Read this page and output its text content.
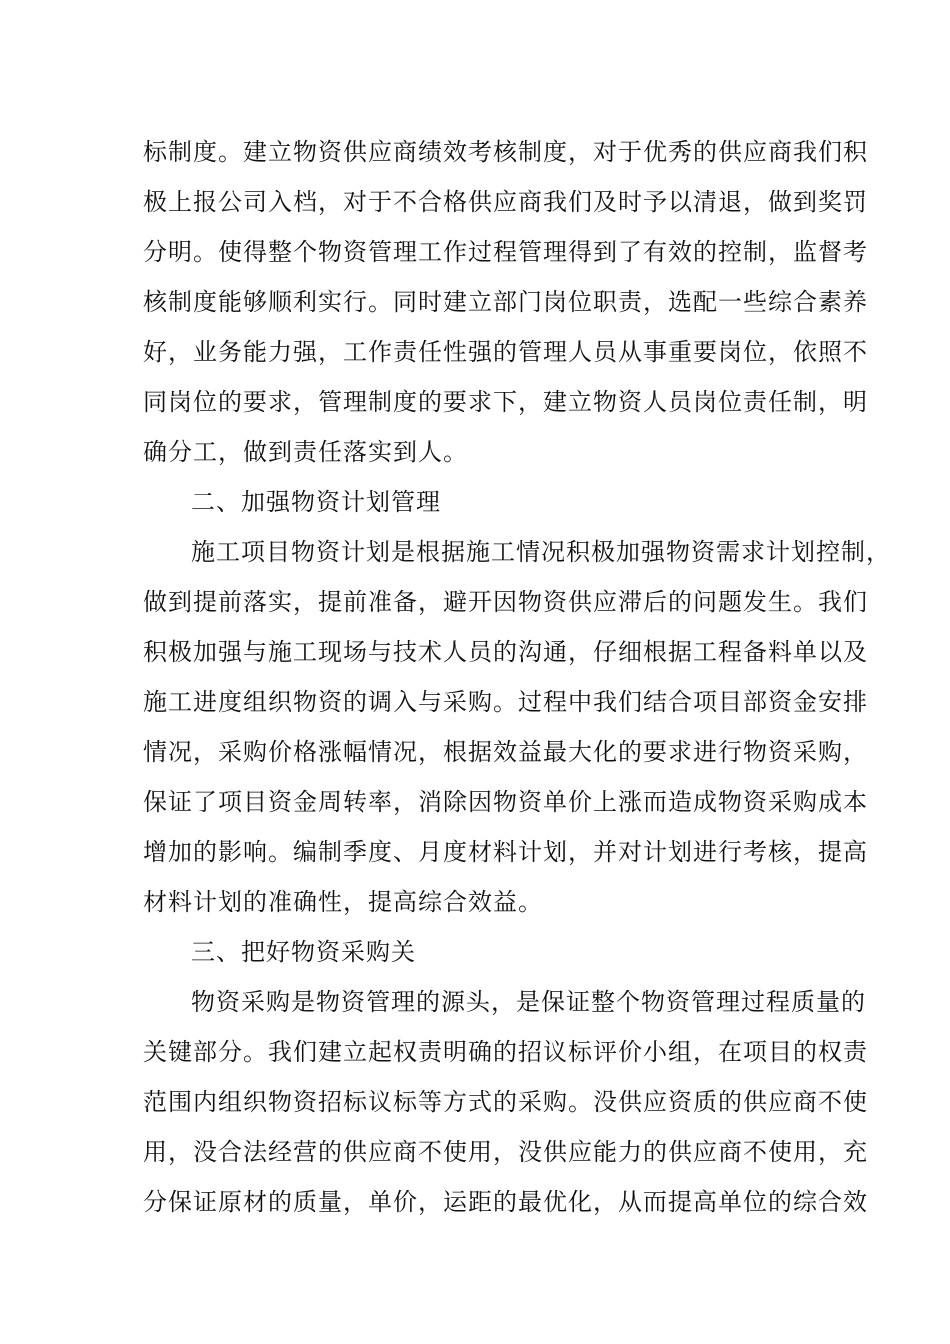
标制度。建立物资供应商绩效考核制度，对于优秀的供应商我们积
极上报公司入档，对于不合格供应商我们及时予以清退，做到奖罚
分明。使得整个物资管理工作过程管理得到了有效的控制，监督考
核制度能够顺利实行。同时建立部门岗位职责，选配一些综合素养
好，业务能力强，工作责任性强的管理人员从事重要岗位，依照不
同岗位的要求，管理制度的要求下，建立物资人员岗位责任制，明
确分工，做到责任落实到人。
二、加强物资计划管理
施工项目物资计划是根据施工情况积极加强物资需求计划控制，
做到提前落实，提前准备，避开因物资供应滞后的问题发生。我们
积极加强与施工现场与技术人员的沟通，仔细根据工程备料单以及
施工进度组织物资的调入与采购。过程中我们结合项目部资金安排
情况，采购价格涨幅情况，根据效益最大化的要求进行物资采购，
保证了项目资金周转率，消除因物资单价上涨而造成物资采购成本
增加的影响。编制季度、月度材料计划，并对计划进行考核，提高
材料计划的准确性，提高综合效益。
三、把好物资采购关
物资采购是物资管理的源头，是保证整个物资管理过程质量的
关键部分。我们建立起权责明确的招议标评价小组，在项目的权责
范围内组织物资招标议标等方式的采购。没供应资质的供应商不使
用，没合法经营的供应商不使用，没供应能力的供应商不使用，充
分保证原材的质量，单价，运距的最优化，从而提高单位的综合效
